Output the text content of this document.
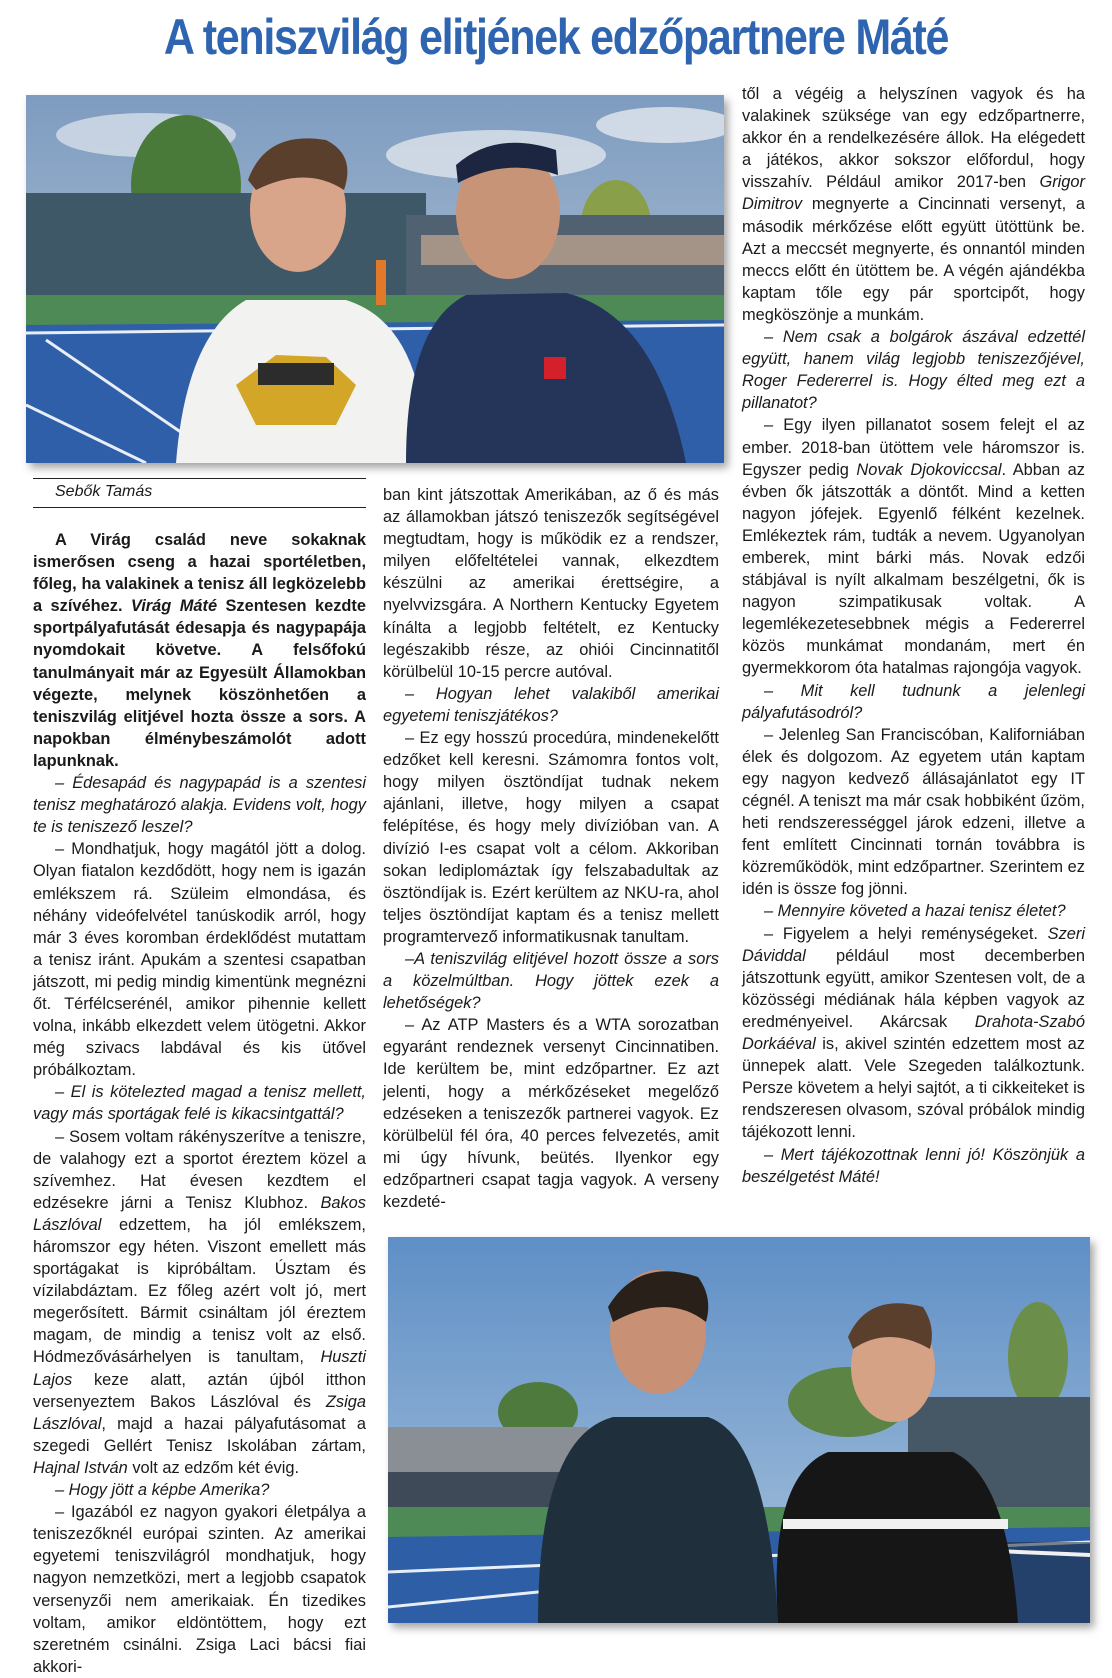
A teniszvilág elitjének edzőpartnere Máté
Sebők Tamás

A Virág család neve sokaknak ismerősen cseng a hazai sportéletben, főleg, ha valakinek a tenisz áll legközelebb a szívéhez. Virág Máté Szentesen kezdte sportpályafutását édesapja és nagypapája nyomdokait követve. A felsőfokú tanulmányait már az Egyesült Államokban végezte, melynek köszönhetően a teniszvilág elitjével hozta össze a sors. A napokban élménybeszámolót adott lapunknak.

– Édesapád és nagypapád is a szentesi tenisz meghatározó alakja. Evidens volt, hogy te is teniszező leszel?

– Mondhatjuk, hogy magától jött a dolog. Olyan fiatalon kezdődött, hogy nem is igazán emlékszem rá. Szüleim elmondása, és néhány videófelvétel tanúskodik arról, hogy már 3 éves koromban érdeklődést mutattam a tenisz iránt. Apukám a szentesi csapatban játszott, mi pedig mindig kimentünk megnézni őt. Térfélcserénél, amikor pihennie kellett volna, inkább elkezdett velem ütögetni. Akkor még szivacs labdával és kis ütővel próbálkoztam.

– El is kötelezted magad a tenisz mellett, vagy más sportágak felé is kikacsintgattál?

– Sosem voltam rákényszerítve a teniszre, de valahogy ezt a sportot éreztem közel a szívemhez. Hat évesen kezdtem el edzésekre járni a Tenisz Klubhoz. Bakos Lászlóval edzettem, ha jól emlékszem, háromszor egy héten. Viszont emellett más sportágakat is kipróbáltam. Úsztam és vízilabdáztam. Ez főleg azért volt jó, mert megerősített. Bármit csináltam jól éreztem magam, de mindig a tenisz volt az első. Hódmezővásárhelyen is tanultam, Huszti Lajos keze alatt, aztán újból itthon versenyeztem Bakos Lászlóval és Zsiga Lászlóval, majd a hazai pályafutásomat a szegedi Gellért Tenisz Iskolában zártam, Hajnal István volt az edzőm két évig.

– Hogy jött a képbe Amerika?

– Igazából ez nagyon gyakori életpálya a teniszezőknél európai szinten. Az amerikai egyetemi teniszvilágról mondhatjuk, hogy nagyon nemzetközi, mert a legjobb csapatok versenyzői nem amerikaiak. Én tizedikes voltam, amikor eldöntöttem, hogy ezt szeretném csinálni. Zsiga Laci bácsi fiai akkori-

ban kint játszottak Amerikában, az ő és más az államokban játszó teniszezők segítségével megtudtam, hogy is működik ez a rendszer, milyen előfeltételei vannak, elkezdtem készülni az amerikai érettségire, a nyelvvizsgára. A Northern Kentucky Egyetem kínálta a legjobb feltételt, ez Kentucky legészakibb része, az ohiói Cincinnatitől körülbelül 10-15 percre autóval.

– Hogyan lehet valakiből amerikai egyetemi teniszjátékos?

– Ez egy hosszú procedúra, mindenekelőtt edzőket kell keresni. Számomra fontos volt, hogy milyen ösztöndíjat tudnak nekem ajánlani, illetve, hogy milyen a csapat felépítése, és hogy mely divízióban van. A divízió I-es csapat volt a célom. Akkoriban sokan lediplomáztak így felszabadultak az ösztöndíjak is. Ezért kerültem az NKU-ra, ahol teljes ösztöndíjat kaptam és a tenisz mellett programtervező informatikusnak tanultam.

–A teniszvilág elitjével hozott össze a sors a közelmúltban. Hogy jöttek ezek a lehetőségek?

– Az ATP Masters és a WTA sorozatban egyaránt rendeznek versenyt Cincinnatiben. Ide kerültem be, mint edzőpartner. Ez azt jelenti, hogy a mérkőzéseket megelőző edzéseken a teniszezők partnerei vagyok. Ez körülbelül fél óra, 40 perces felvezetés, amit mi úgy hívunk, beütés. Ilyenkor egy edzőpartneri csapat tagja vagyok. A verseny kezdeté-

től a végéig a helyszínen vagyok és ha valakinek szüksége van egy edzőpartnerre, akkor én a rendelkezésére állok. Ha elégedett a játékos, akkor sokszor előfordul, hogy visszahív. Például amikor 2017-ben Grigor Dimitrov megnyerte a Cincinnati versenyt, a második mérkőzése előtt együtt ütöttünk be. Azt a meccsét megnyerte, és onnantól minden meccs előtt én ütöttem be. A végén ajándékba kaptam tőle egy pár sportcipőt, hogy megköszönje a munkám.

– Nem csak a bolgárok ászával edzettél együtt, hanem világ legjobb teniszezőjével, Roger Federerrel is. Hogy élted meg ezt a pillanatot?

– Egy ilyen pillanatot sosem felejt el az ember. 2018-ban ütöttem vele háromszor is. Egyszer pedig Novak Djokoviccsal. Abban az évben ők játszották a döntőt. Mind a ketten nagyon jófejek. Egyenlő félként kezelnek. Emlékeztek rám, tudták a nevem. Ugyanolyan emberek, mint bárki más. Novak edzői stábjával is nyílt alkalmam beszélgetni, ők is nagyon szimpatikusak voltak. A legemlékezetesebbnek mégis a Federerrel közös munkámat mondanám, mert én gyermekkorom óta hatalmas rajongója vagyok.

– Mit kell tudnunk a jelenlegi pályafutásodról?

– Jelenleg San Franciscóban, Kaliforniában élek és dolgozom. Az egyetem után kaptam egy nagyon kedvező állásajánlatot egy IT cégnél. A teniszt ma már csak hobbiként űzöm, heti rendszerességgel járok edzeni, illetve a fent említett Cincinnati tornán továbbra is közreműködök, mint edzőpartner. Szerintem ez idén is össze fog jönni.

– Mennyire követed a hazai tenisz életet?

– Figyelem a helyi reménységeket. Szeri Dáviddal például most decemberben játszottunk együtt, amikor Szentesen volt, de a közösségi médiának hála képben vagyok az eredményeivel. Akárcsak Drahota-Szabó Dorkáéval is, akivel szintén edzettem most az ünnepek alatt. Vele Szegeden találkoztunk. Persze követem a helyi sajtót, a ti cikkeiteket is rendszeresen olvasom, szóval próbálok mindig tájékozott lenni.

– Mert tájékozottnak lenni jó! Köszönjük a beszélgetést Máté!
